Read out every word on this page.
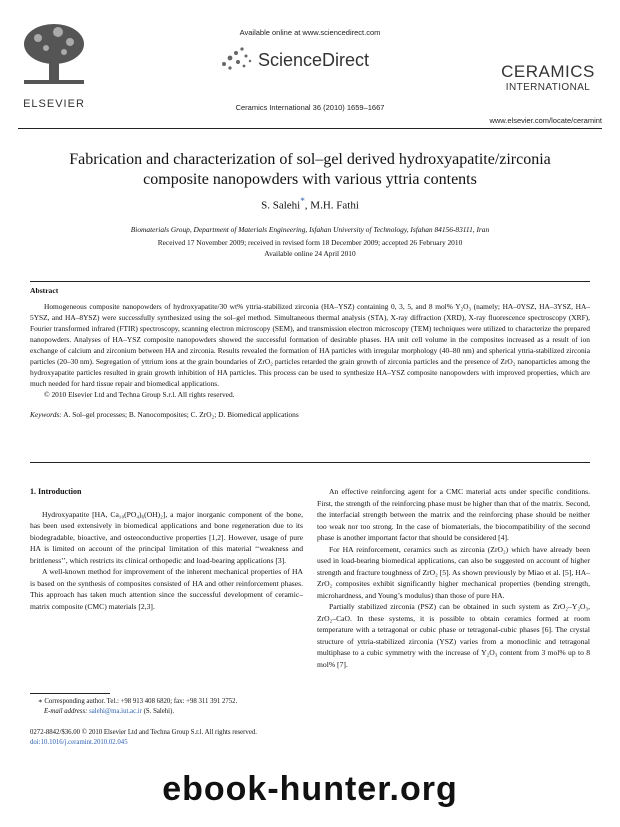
ELSEVIER
Available online at www.sciencedirect.com
ScienceDirect
Ceramics International 36 (2010) 1659–1667
CERAMICS
INTERNATIONAL
www.elsevier.com/locate/ceramint
Fabrication and characterization of sol–gel derived hydroxyapatite/zirconia
composite nanopowders with various yttria contents
S. Salehi*, M.H. Fathi
Biomaterials Group, Department of Materials Engineering, Isfahan University of Technology, Isfahan 84156-83111, Iran
Received 17 November 2009; received in revised form 18 December 2009; accepted 26 February 2010
Available online 24 April 2010
Abstract

Homogeneous composite nanopowders of hydroxyapatite/30 wt% yttria-stabilized zirconia (HA–YSZ) containing 0, 3, 5, and 8 mol% Y₂O₃ (namely; HA–0YSZ, HA–3YSZ, HA–5YSZ, and HA–8YSZ) were successfully synthesized using the sol–gel method. Simultaneous thermal analysis (STA), X-ray diffraction (XRD), X-ray fluorescence spectroscopy (XRF), Fourier transformed infrared (FTIR) spectroscopy, scanning electron microscopy (SEM), and transmission electron microscopy (TEM) techniques were utilized to characterize the prepared nanopowders. Analyses of HA–YSZ composite nanopowders showed the successful formation of desirable phases. HA unit cell volume in the composites increased as a result of ion exchange of calcium and zirconium between HA and zirconia. Results revealed the formation of HA particles with irregular morphology (40–80 nm) and spherical yttria-stabilized zirconia particles (20–30 nm). Segregation of yttrium ions at the grain boundaries of ZrO₂ particles retarded the grain growth of zirconia particles and the presence of ZrO₂ nanoparticles among the hydroxyapatite particles resulted in grain growth inhibition of HA particles. This process can be used to synthesize HA–YSZ composite nanopowders with improved properties, which are much needed for hard tissue repair and biomedical applications.

© 2010 Elsevier Ltd and Techna Group S.r.l. All rights reserved.

Keywords: A. Sol–gel processes; B. Nanocomposites; C. ZrO₂; D. Biomedical applications
1. Introduction

Hydroxyapatite [HA, Ca₁₀(PO₄)₆(OH)₂], a major inorganic component of the bone, has been used extensively in biomedical applications and bone regeneration due to its biodegradable, bioactive, and osteoconductive properties [1,2]. However, usage of pure HA is limited on account of the principal limitation of this material ‘‘weakness and brittleness’’, which restricts its clinical orthopedic and load-bearing applications [3].

A well-known method for improvement of the inherent mechanical properties of HA is based on the synthesis of composites consisted of HA and other reinforcement phases. This approach has taken much attention since the successful development of ceramic–matrix composite (CMC) materials [2,3].

∗ Corresponding author. Tel.: +98 913 408 6820; fax: +98 311 391 2752.
E-mail address: salehi@ma.iut.ac.ir (S. Salehi).

An effective reinforcing agent for a CMC material acts under specific conditions. First, the strength of the reinforcing phase must be higher than that of the matrix. Second, the interfacial strength between the matrix and the reinforcing phase should be neither too weak nor too strong. In the case of biomaterials, the biocompatibility of the second phase is another important factor that should be considered [4].

For HA reinforcement, ceramics such as zirconia (ZrO₂) which have already been used in load-bearing biomedical applications, can also be suggested on account of higher strength and fracture toughness of ZrO₂ [5]. As shown previously by Miao et al. [5], HA–ZrO₂ composites exhibit significantly higher mechanical properties (bending strength, microhardness, and Young’s modulus) than those of pure HA.

Partially stabilized zirconia (PSZ) can be obtained in such system as ZrO₂–Y₂O₃, ZrO₂–CaO. In these systems, it is possible to obtain ceramics formed at room temperature with a tetragonal or cubic phase or tetragonal-cubic phases [6]. The crystal structure of yttria-stabilized zirconia (YSZ) varies from a monoclinic and tetragonal multiphase to a cubic symmetry with the increase of Y₂O₃ content from 3 mol% up to 8 mol% [7].

0272-8842/$36.00 © 2010 Elsevier Ltd and Techna Group S.r.l. All rights reserved.
doi:10.1016/j.ceramint.2010.02.045
ebook-hunter.org
